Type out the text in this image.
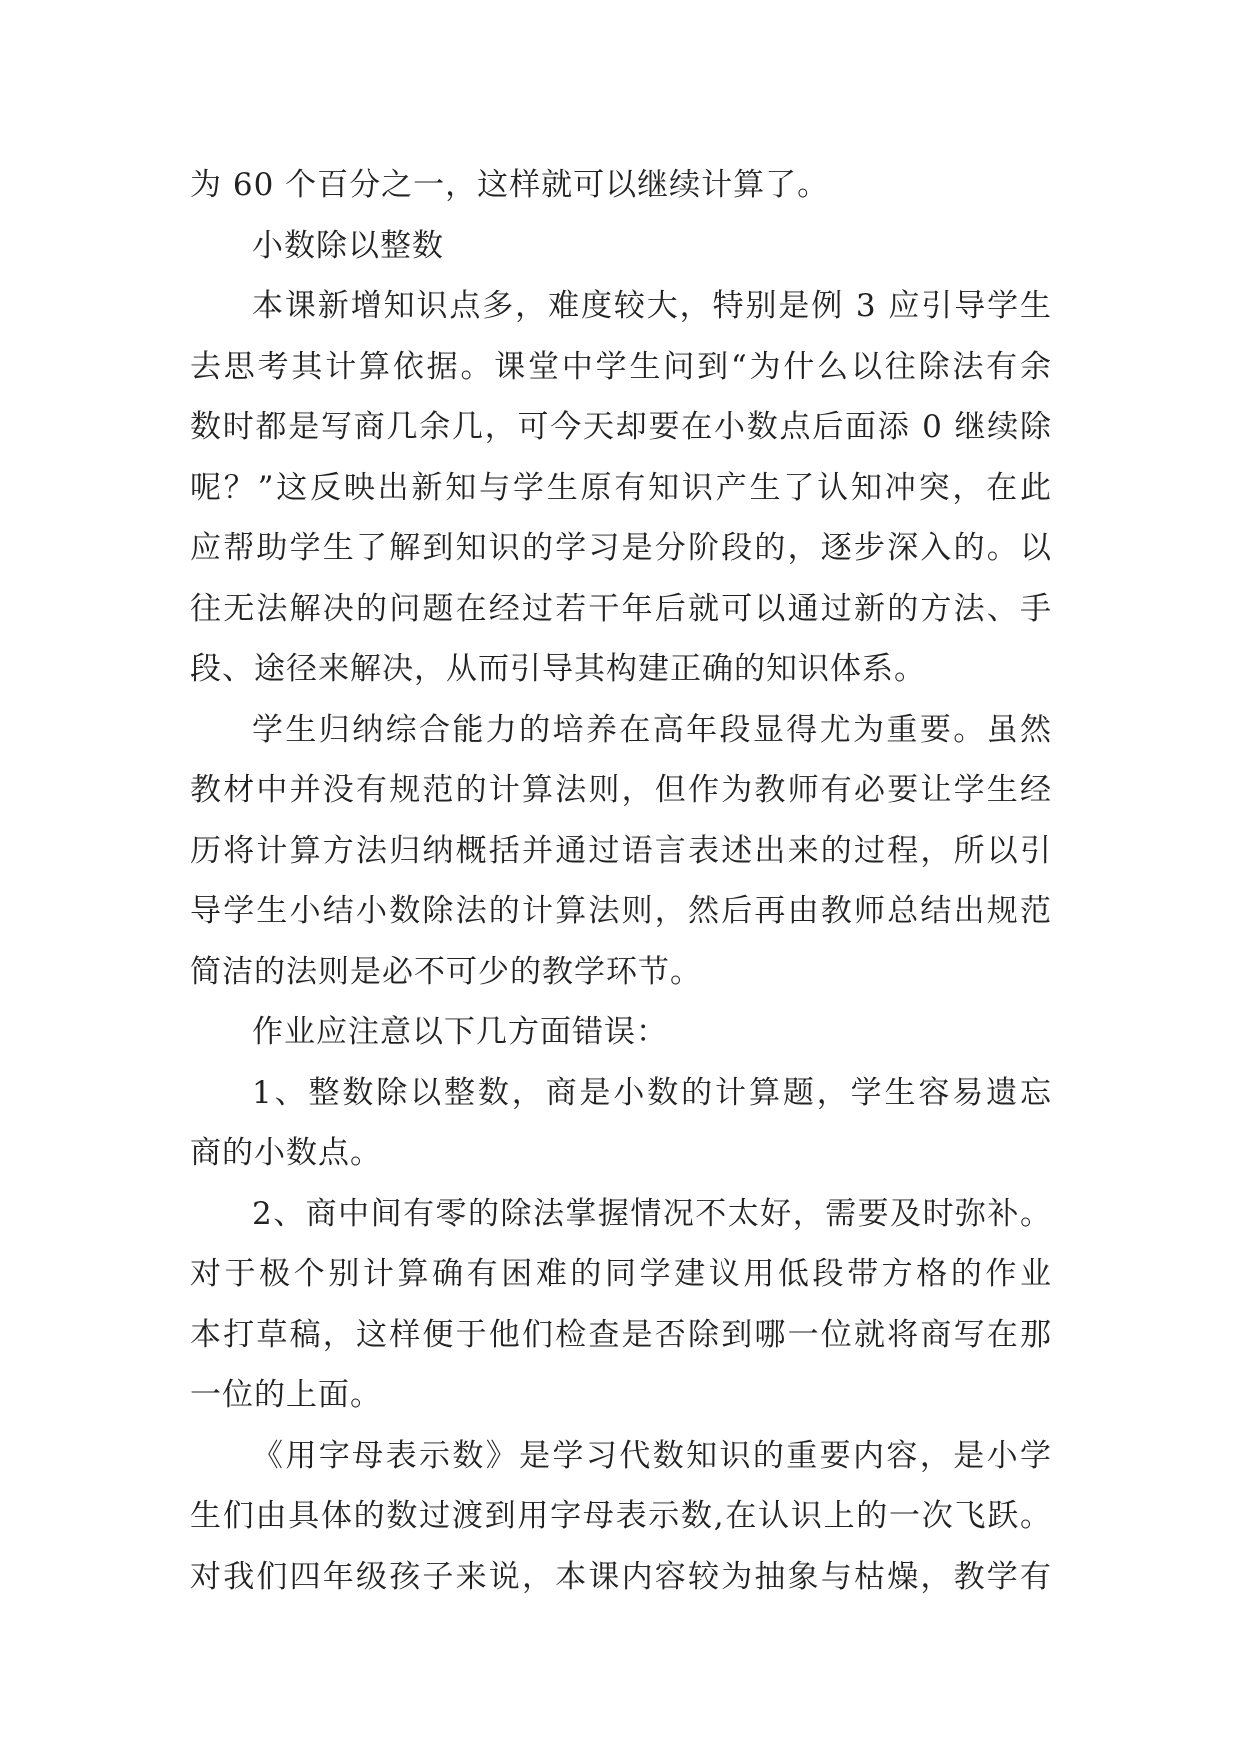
为 60 个百分之一，这样就可以继续计算了。
小数除以整数
本课新增知识点多，难度较大，特别是例 3 应引导学生
去思考其计算依据。课堂中学生问到“为什么以往除法有余
数时都是写商几余几，可今天却要在小数点后面添 0 继续除
呢？”这反映出新知与学生原有知识产生了认知冲突，在此
应帮助学生了解到知识的学习是分阶段的，逐步深入的。以
往无法解决的问题在经过若干年后就可以通过新的方法、手
段、途径来解决，从而引导其构建正确的知识体系。
学生归纳综合能力的培养在高年段显得尤为重要。虽然
教材中并没有规范的计算法则，但作为教师有必要让学生经
历将计算方法归纳概括并通过语言表述出来的过程，所以引
导学生小结小数除法的计算法则，然后再由教师总结出规范
简洁的法则是必不可少的教学环节。
作业应注意以下几方面错误：
1、整数除以整数，商是小数的计算题，学生容易遗忘
商的小数点。
2、商中间有零的除法掌握情况不太好，需要及时弥补。
对于极个别计算确有困难的同学建议用低段带方格的作业
本打草稿，这样便于他们检查是否除到哪一位就将商写在那
一位的上面。
《用字母表示数》是学习代数知识的重要内容，是小学
生们由具体的数过渡到用字母表示数,在认识上的一次飞跃。
对我们四年级孩子来说，本课内容较为抽象与枯燥，教学有
